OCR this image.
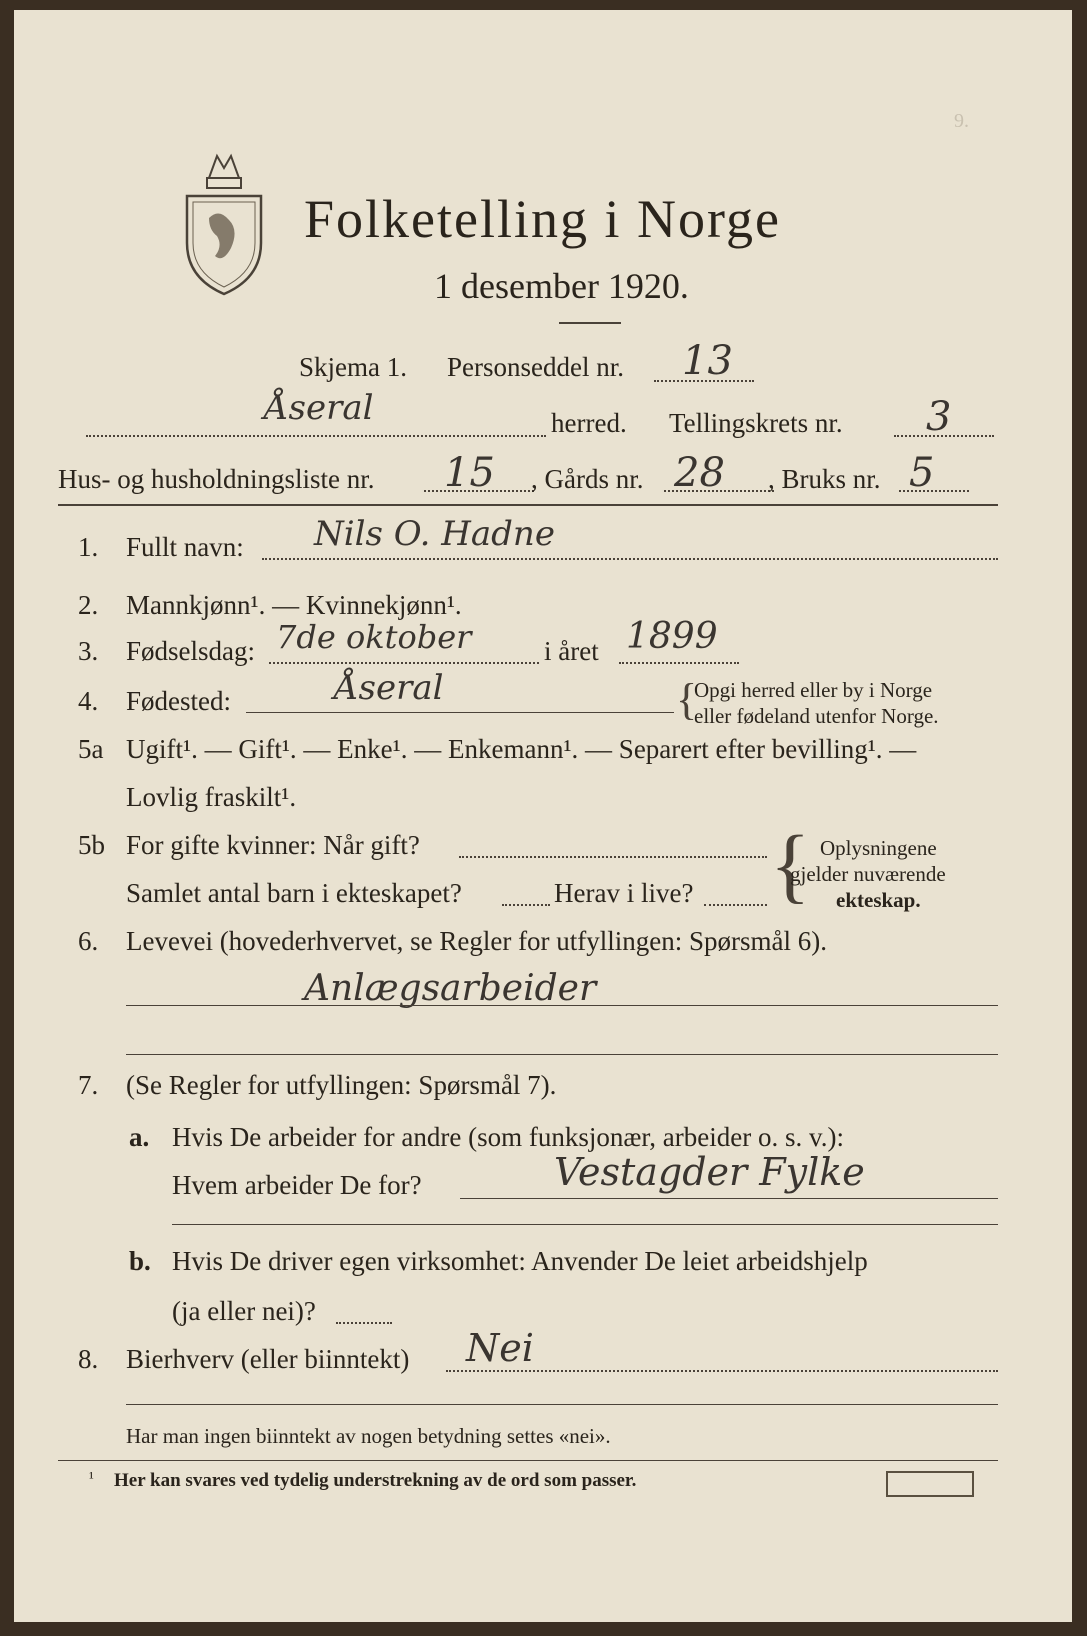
9.
Folketelling i Norge
1 desember 1920.
Skjema 1. Personseddel nr. 13
Åseral	herred. Tellingskrets nr. 3
Hus- og husholdningsliste nr. 15 , Gårds nr. 28 , Bruks nr. 5
1. Fullt navn: Nils O. Hadne
2. Mannkjønn¹. — Kvinnekjønn¹.
3. Fødselsdag: 7de oktober	i året 1899
4. Fødested:	Åseral	{
Opgi herred eller by i Norge
eller fødeland utenfor Norge.
5a Ugift¹. — Gift¹. — Enke¹. — Enkemann¹. — Separert efter bevilling¹. —
Lovlig fraskilt¹.
5b For gifte kvinner: Når gift?
Samlet antal barn i ekteskapet?	Herav i live? { Oplysningene
gjelder nuværende
ekteskap.
6. Levevei (hovederhvervet, se Regler for utfyllingen: Spørsmål 6).
Anlægsarbeider
7. (Se Regler for utfyllingen: Spørsmål 7).
a. Hvis De arbeider for andre (som funksjonær, arbeider o. s. v.):
Hvem arbeider De for?	Vestagder Fylke
b. Hvis De driver egen virksomhet: Anvender De leiet arbeidshjelp
(ja eller nei)?
8. Bierhverv (eller biinntekt) Nei
Har man ingen biinntekt av nogen betydning settes «nei».
¹ Her kan svares ved tydelig understrekning av de ord som passer.
